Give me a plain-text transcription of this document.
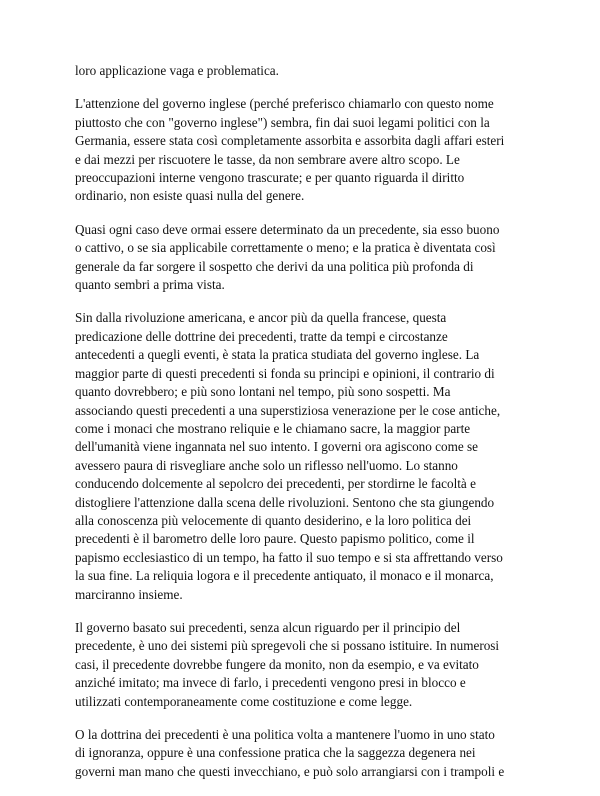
loro applicazione vaga e problematica.

L'attenzione del governo inglese (perché preferisco chiamarlo con questo nome
piuttosto che con "governo inglese") sembra, fin dai suoi legami politici con la
Germania, essere stata così completamente assorbita e assorbita dagli affari esteri
e dai mezzi per riscuotere le tasse, da non sembrare avere altro scopo. Le
preoccupazioni interne vengono trascurate; e per quanto riguarda il diritto
ordinario, non esiste quasi nulla del genere.

Quasi ogni caso deve ormai essere determinato da un precedente, sia esso buono
o cattivo, o se sia applicabile correttamente o meno; e la pratica è diventata così
generale da far sorgere il sospetto che derivi da una politica più profonda di
quanto sembri a prima vista.

Sin dalla rivoluzione americana, e ancor più da quella francese, questa
predicazione delle dottrine dei precedenti, tratte da tempi e circostanze
antecedenti a quegli eventi, è stata la pratica studiata del governo inglese. La
maggior parte di questi precedenti si fonda su principi e opinioni, il contrario di
quanto dovrebbero; e più sono lontani nel tempo, più sono sospetti. Ma
associando questi precedenti a una superstiziosa venerazione per le cose antiche,
come i monaci che mostrano reliquie e le chiamano sacre, la maggior parte
dell'umanità viene ingannata nel suo intento. I governi ora agiscono come se
avessero paura di risvegliare anche solo un riflesso nell'uomo. Lo stanno
conducendo dolcemente al sepolcro dei precedenti, per stordirne le facoltà e
distogliere l'attenzione dalla scena delle rivoluzioni. Sentono che sta giungendo
alla conoscenza più velocemente di quanto desiderino, e la loro politica dei
precedenti è il barometro delle loro paure. Questo papismo politico, come il
papismo ecclesiastico di un tempo, ha fatto il suo tempo e si sta affrettando verso
la sua fine. La reliquia logora e il precedente antiquato, il monaco e il monarca,
marciranno insieme.

Il governo basato sui precedenti, senza alcun riguardo per il principio del
precedente, è uno dei sistemi più spregevoli che si possano istituire. In numerosi
casi, il precedente dovrebbe fungere da monito, non da esempio, e va evitato
anziché imitato; ma invece di farlo, i precedenti vengono presi in blocco e
utilizzati contemporaneamente come costituzione e come legge.

O la dottrina dei precedenti è una politica volta a mantenere l'uomo in uno stato
di ignoranza, oppure è una confessione pratica che la saggezza degenera nei
governi man mano che questi invecchiano, e può solo arrangiarsi con i trampoli e
